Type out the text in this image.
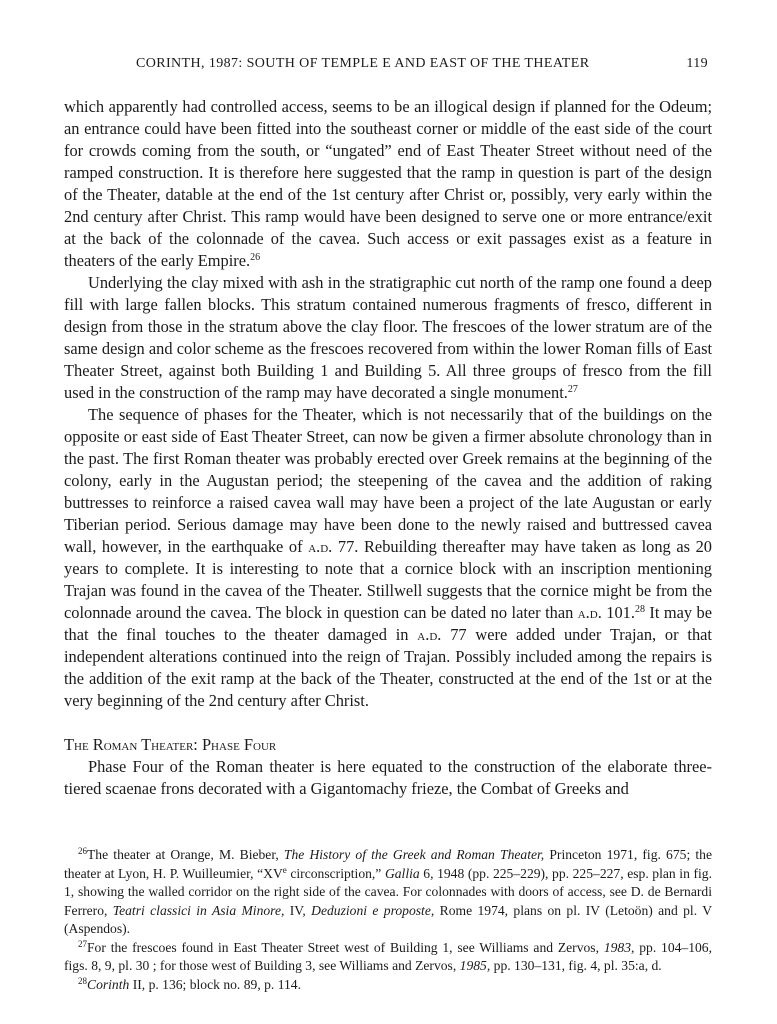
CORINTH, 1987: SOUTH OF TEMPLE E AND EAST OF THE THEATER	119

which apparently had controlled access, seems to be an illogical design if planned for the Odeum; an entrance could have been fitted into the southeast corner or middle of the east side of the court for crowds coming from the south, or “ungated” end of East Theater Street without need of the ramped construction. It is therefore here suggested that the ramp in question is part of the design of the Theater, datable at the end of the 1st century after Christ or, possibly, very early within the 2nd century after Christ. This ramp would have been designed to serve one or more entrance/exit at the back of the colonnade of the cavea. Such access or exit passages exist as a feature in theaters of the early Empire.$^{26}$

Underlying the clay mixed with ash in the stratigraphic cut north of the ramp one found a deep fill with large fallen blocks. This stratum contained numerous fragments of fresco, different in design from those in the stratum above the clay floor. The frescoes of the lower stratum are of the same design and color scheme as the frescoes recovered from within the lower Roman fills of East Theater Street, against both Building 1 and Building 5. All three groups of fresco from the fill used in the construction of the ramp may have decorated a single monument.$^{27}$

The sequence of phases for the Theater, which is not necessarily that of the buildings on the opposite or east side of East Theater Street, can now be given a firmer absolute chronology than in the past. The first Roman theater was probably erected over Greek remains at the beginning of the colony, early in the Augustan period; the steepening of the cavea and the addition of raking buttresses to reinforce a raised cavea wall may have been a project of the late Augustan or early Tiberian period. Serious damage may have been done to the newly raised and buttressed cavea wall, however, in the earthquake of a.d. 77. Rebuilding thereafter may have taken as long as 20 years to complete. It is interesting to note that a cornice block with an inscription mentioning Trajan was found in the cavea of the Theater. Stillwell suggests that the cornice might be from the colonnade around the cavea. The block in question can be dated no later than a.d. 101.28 It may be that the final touches to the theater damaged in a.d. 77 were added under Trajan, or that independent alterations continued into the reign of Trajan. Possibly included among the repairs is the addition of the exit ramp at the back of the Theater, constructed at the end of the 1st or at the very beginning of the 2nd century after Christ.

The Roman Theater: Phase Four

Phase Four of the Roman theater is here equated to the construction of the elaborate three-tiered scaenae frons decorated with a Gigantomachy frieze, the Combat of Greeks and

$^{26}$The theater at Orange, M. Bieber, The History of the Greek and Roman Theater, Princeton 1971, fig. 675; the theater at Lyon, H. P. Wuilleumier, “XVe circonscription,” Gallia 6, 1948 (pp. 225–229), pp. 225–227, esp. plan in fig. 1, showing the walled corridor on the right side of the cavea. For colonnades with doors of access, see D. de Bernardi Ferrero, Teatri classici in Asia Minore, IV, Deduzioni e proposte, Rome 1974, plans on pl. IV (Letoön) and pl. V (Aspendos).

$^{27}$For the frescoes found in East Theater Street west of Building 1, see Williams and Zervos, 1983, pp. 104–106, figs. 8, 9, pl. 30 ; for those west of Building 3, see Williams and Zervos, 1985, pp. 130–131, fig. 4, pl. 35:a, d.

$^{28}$Corinth II, p. 136; block no. 89, p. 114.
